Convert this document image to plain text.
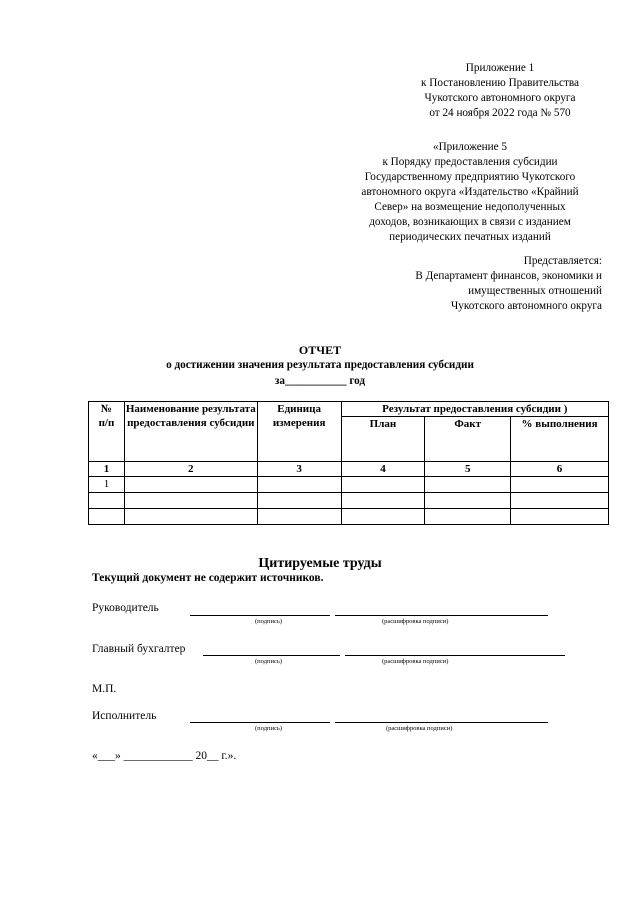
Приложение 1
к Постановлению Правительства
Чукотского автономного округа
от 24 ноября 2022 года № 570
«Приложение 5
к Порядку предоставления субсидии
Государственному предприятию Чукотского
автономного округа «Издательство «Крайний
Север» на возмещение недополученных
доходов, возникающих в связи с изданием
периодических печатных изданий
Представляется:
В Департамент финансов, экономики и
имущественных отношений
Чукотского автономного округа
ОТЧЕТ
о достижении значения результата предоставления субсидии
за___________ год
№
п/п	Наименование результата предоставления субсидии	Единица измерения	Результат предоставления субсидии )		
			План	Факт	% выполнения
1	2	3	4	5	6
1					

Цитируемые труды
Текущий документ не содержит источников.
Руководитель
(подпись)	(расшифровка подписи)
Главный бухгалтер
(подпись)	(расшифровка подписи)
М.П.
Исполнитель
(подпись)	(расшифровка подписи)
«___» ____________ 20__ г.».
